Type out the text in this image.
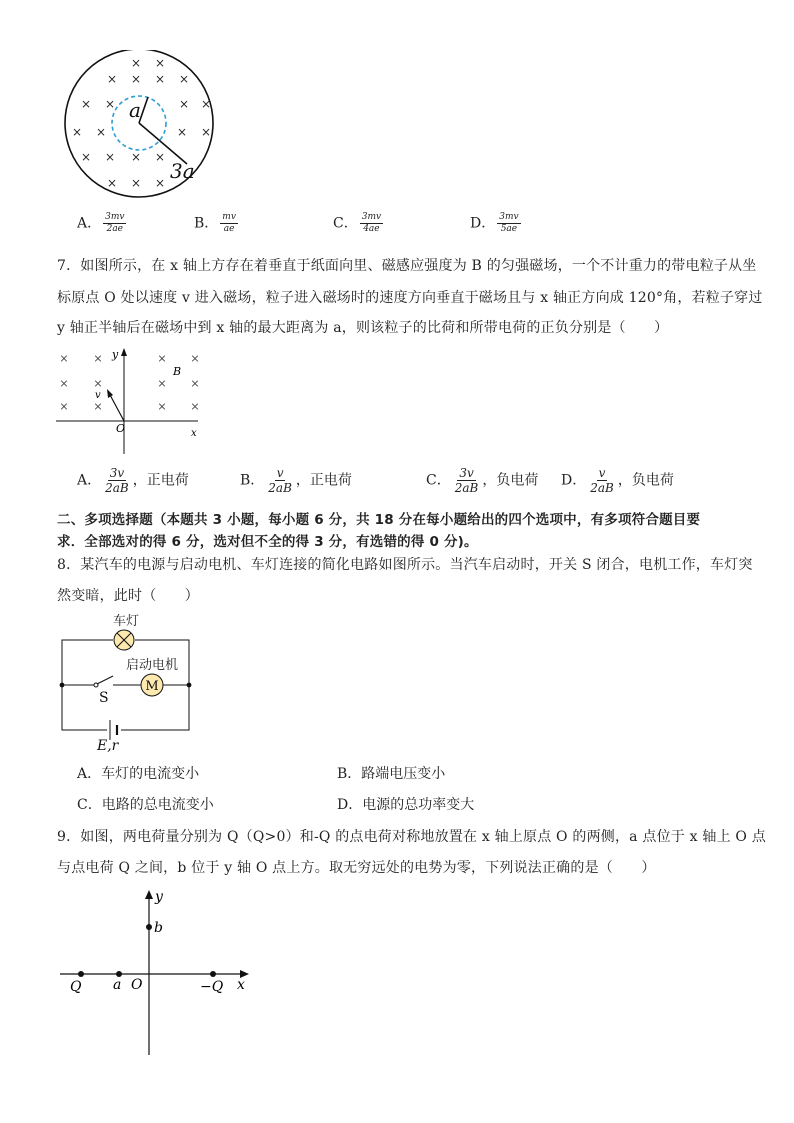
× ×
× × × ×
× ×	× ×
× ×	× ×
× × × ×
× × ×
a
3a
A． $\frac{3mv}{2ae}$	B． $\frac{mv}{ae}$	C． $\frac{3mv}{4ae}$	D． $\frac{3mv}{5ae}$
7．如图所示，在 x 轴上方存在着垂直于纸面向里、磁感应强度为 B 的匀强磁场，一个不计重力的带电粒子从坐
标原点 O 处以速度 v 进入磁场，粒子进入磁场时的速度方向垂直于磁场且与 x 轴正方向成 120°角，若粒子穿过
y 轴正半轴后在磁场中到 x 轴的最大距离为 a，则该粒子的比荷和所带电荷的正负分别是（　　）
× ×	× ×
× ×	× ×
× ×	× ×
y
B
v
O	x
A． $\frac{3v}{2aB}$ ，正电荷	B． $\frac{v}{2aB}$ ，正电荷	C． $\frac{3v}{2aB}$ ，负电荷 D． $\frac{v}{2aB}$ ，负电荷
二、多项选择题（本题共 3 小题，每小题 6 分，共 18 分在每小题给出的四个选项中，有多项符合题目要
求．全部选对的得 6 分，选对但不全的得 3 分，有选错的得 0 分)。
8．某汽车的电源与启动电机、车灯连接的简化电路如图所示。当汽车启动时，开关 S 闭合，电机工作，车灯突
然变暗，此时（　　）
车灯
启动电机
M
S
E,r
A．车灯的电流变小	B．路端电压变小
C．电路的总电流变小	D．电源的总功率变大
9．如图，两电荷量分别为 Q（Q>0）和-Q 的点电荷对称地放置在 x 轴上原点 O 的两侧，a 点位于 x 轴上 O 点
与点电荷 Q 之间，b 位于 y 轴 O 点上方。取无穷远处的电势为零，下列说法正确的是（　　）
y
b
Q a O	−Q x
